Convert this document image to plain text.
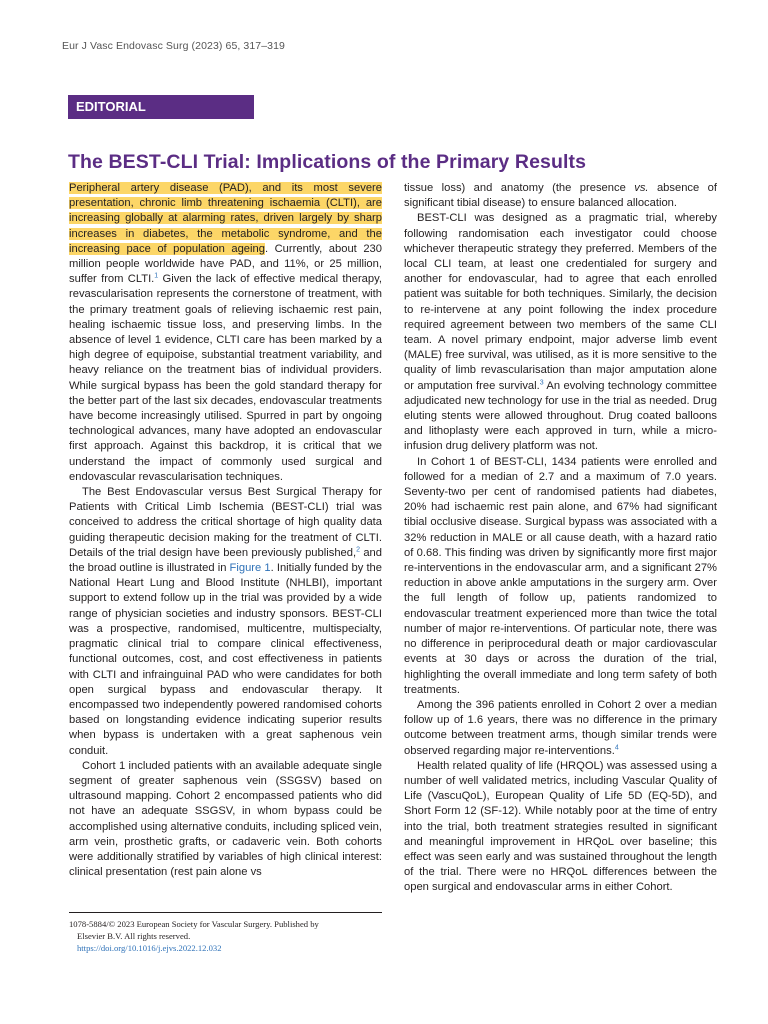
Eur J Vasc Endovasc Surg (2023) 65, 317–319
EDITORIAL
The BEST-CLI Trial: Implications of the Primary Results

Peripheral artery disease (PAD), and its most severe presentation, chronic limb threatening ischaemia (CLTI), are increasing globally at alarming rates, driven largely by sharp increases in diabetes, the metabolic syndrome, and the increasing pace of population ageing. Currently, about 230 million people worldwide have PAD, and 11%, or 25 million, suffer from CLTI.$^1$ Given the lack of effective medical therapy, revascularisation represents the cornerstone of treatment, with the primary treatment goals of relieving ischaemic rest pain, healing ischaemic tissue loss, and preserving limbs. In the absence of level 1 evidence, CLTI care has been marked by a high degree of equipoise, substantial treatment variability, and heavy reliance on the treatment bias of individual providers. While surgical bypass has been the gold standard therapy for the better part of the last six decades, endovascular treatments have become increasingly utilised. Spurred in part by ongoing technological advances, many have adopted an endovascular first approach. Against this backdrop, it is critical that we understand the impact of commonly used surgical and endovascular revascularisation techniques.

The Best Endovascular versus Best Surgical Therapy for Patients with Critical Limb Ischemia (BEST-CLI) trial was conceived to address the critical shortage of high quality data guiding therapeutic decision making for the treatment of CLTI. Details of the trial design have been previously published,$^2$ and the broad outline is illustrated in Figure 1. Initially funded by the National Heart Lung and Blood Institute (NHLBI), important support to extend follow up in the trial was provided by a wide range of physician societies and industry sponsors. BEST-CLI was a prospective, randomised, multicentre, multispecialty, pragmatic clinical trial to compare clinical effectiveness, functional outcomes, cost, and cost effectiveness in patients with CLTI and infrainguinal PAD who were candidates for both open surgical bypass and endovascular therapy. It encompassed two independently powered randomised cohorts based on longstanding evidence indicating superior results when bypass is undertaken with a great saphenous vein conduit.

Cohort 1 included patients with an available adequate single segment of greater saphenous vein (SSGSV) based on ultrasound mapping. Cohort 2 encompassed patients who did not have an adequate SSGSV, in whom bypass could be accomplished using alternative conduits, including spliced vein, arm vein, prosthetic grafts, or cadaveric vein. Both cohorts were additionally stratified by variables of high clinical interest: clinical presentation (rest pain alone vs

tissue loss) and anatomy (the presence vs. absence of significant tibial disease) to ensure balanced allocation.

BEST-CLI was designed as a pragmatic trial, whereby following randomisation each investigator could choose whichever therapeutic strategy they preferred. Members of the local CLI team, at least one credentialed for surgery and another for endovascular, had to agree that each enrolled patient was suitable for both techniques. Similarly, the decision to re-intervene at any point following the index procedure required agreement between two members of the same CLI team. A novel primary endpoint, major adverse limb event (MALE) free survival, was utilised, as it is more sensitive to the quality of limb revascularisation than major amputation alone or amputation free survival.$^3$ An evolving technology committee adjudicated new technology for use in the trial as needed. Drug eluting stents were allowed throughout. Drug coated balloons and lithoplasty were each approved in turn, while a micro-infusion drug delivery platform was not.

In Cohort 1 of BEST-CLI, 1434 patients were enrolled and followed for a median of 2.7 and a maximum of 7.0 years. Seventy-two per cent of randomised patients had diabetes, 20% had ischaemic rest pain alone, and 67% had significant tibial occlusive disease. Surgical bypass was associated with a 32% reduction in MALE or all cause death, with a hazard ratio of 0.68. This finding was driven by significantly more first major re-interventions in the endovascular arm, and a significant 27% reduction in above ankle amputations in the surgery arm. Over the full length of follow up, patients randomized to endovascular treatment experienced more than twice the total number of major re-interventions. Of particular note, there was no difference in periprocedural death or major cardiovascular events at 30 days or across the duration of the trial, highlighting the overall immediate and long term safety of both treatments.

Among the 396 patients enrolled in Cohort 2 over a median follow up of 1.6 years, there was no difference in the primary outcome between treatment arms, though similar trends were observed regarding major re-interventions.$^4$

Health related quality of life (HRQOL) was assessed using a number of well validated metrics, including Vascular Quality of Life (VascuQoL), European Quality of Life 5D (EQ-5D), and Short Form 12 (SF-12). While notably poor at the time of entry into the trial, both treatment strategies resulted in significant and meaningful improvement in HRQoL over baseline; this effect was seen early and was sustained throughout the length of the trial. There were no HRQoL differences between the open surgical and endovascular arms in either Cohort.

1078-5884/© 2023 European Society for Vascular Surgery. Published by
Elsevier B.V. All rights reserved.
https://doi.org/10.1016/j.ejvs.2022.12.032
